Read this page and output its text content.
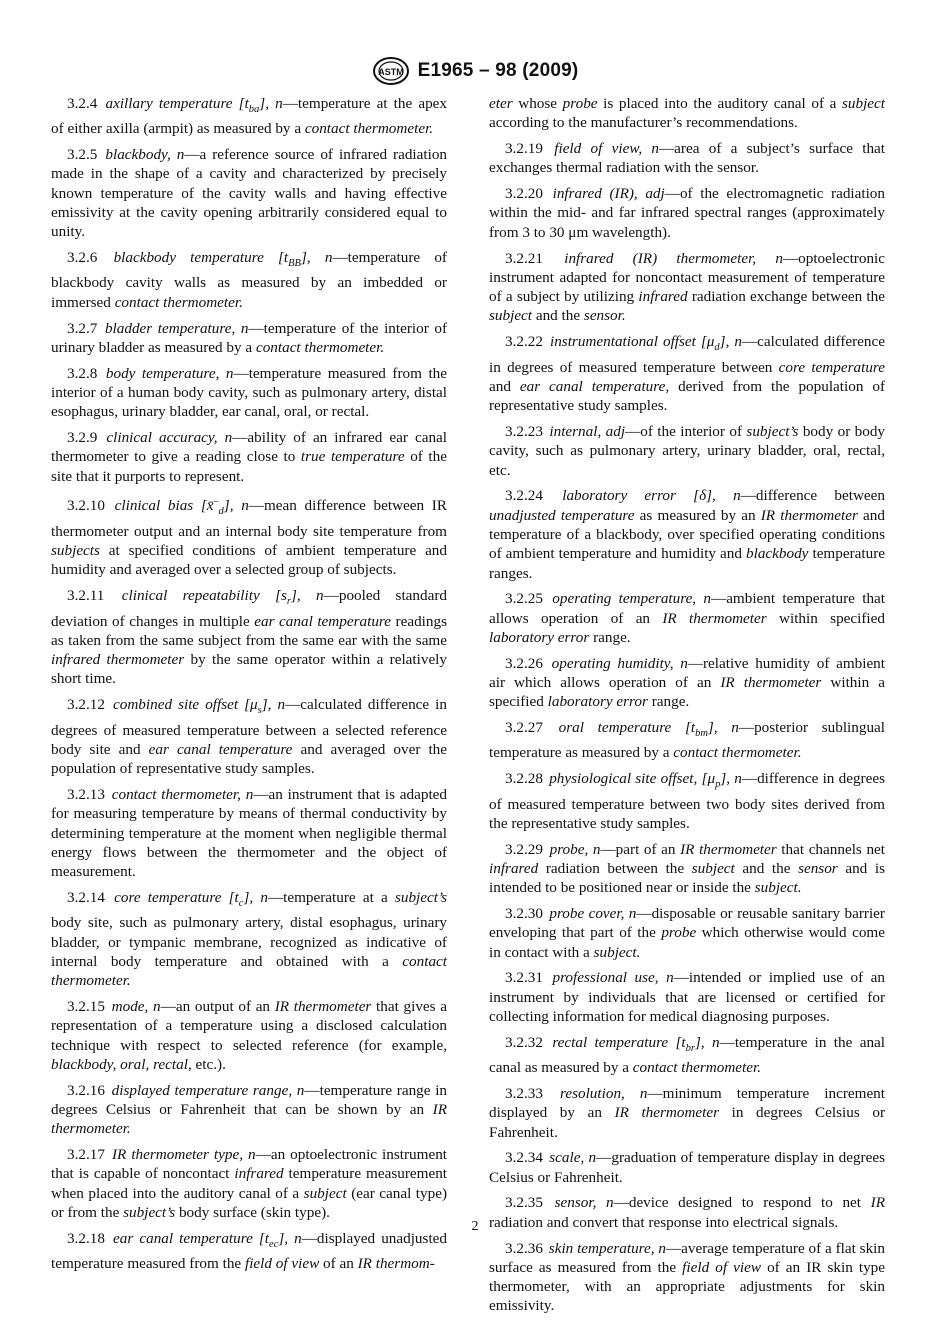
ASTM E1965 – 98 (2009)

3.2.4 axillary temperature $[t_{ba}]$, n—temperature at the apex of either axilla (armpit) as measured by a contact thermometer.

3.2.5 blackbody, n—a reference source of infrared radiation made in the shape of a cavity and characterized by precisely known temperature of the cavity walls and having effective emissivity at the cavity opening arbitrarily considered equal to unity.

3.2.6 blackbody temperature $[t_{BB}]$, n—temperature of blackbody cavity walls as measured by an imbedded or immersed contact thermometer.

3.2.7 bladder temperature, n—temperature of the interior of urinary bladder as measured by a contact thermometer.

3.2.8 body temperature, n—temperature measured from the interior of a human body cavity, such as pulmonary artery, distal esophagus, urinary bladder, ear canal, oral, or rectal.

3.2.9 clinical accuracy, n—ability of an infrared ear canal thermometer to give a reading close to true temperature of the site that it purports to represent.

3.2.10 clinical bias $[x̄^-_d]$, n—mean difference between IR thermometer output and an internal body site temperature from subjects at specified conditions of ambient temperature and humidity and averaged over a selected group of subjects.

3.2.11 clinical repeatability $[s_r]$, n—pooled standard deviation of changes in multiple ear canal temperature readings as taken from the same subject from the same ear with the same infrared thermometer by the same operator within a relatively short time.

3.2.12 combined site offset $[\mu_s]$, n—calculated difference in degrees of measured temperature between a selected reference body site and ear canal temperature and averaged over the population of representative study samples.

3.2.13 contact thermometer, n—an instrument that is adapted for measuring temperature by means of thermal conductivity by determining temperature at the moment when negligible thermal energy flows between the thermometer and the object of measurement.

3.2.14 core temperature $[t_c]$, n—temperature at a subject’s body site, such as pulmonary artery, distal esophagus, urinary bladder, or tympanic membrane, recognized as indicative of internal body temperature and obtained with a contact thermometer.

3.2.15 mode, n—an output of an IR thermometer that gives a representation of a temperature using a disclosed calculation technique with respect to selected reference (for example, blackbody, oral, rectal, etc.).

3.2.16 displayed temperature range, n—temperature range in degrees Celsius or Fahrenheit that can be shown by an IR thermometer.

3.2.17 IR thermometer type, n—an optoelectronic instrument that is capable of noncontact infrared temperature measurement when placed into the auditory canal of a subject (ear canal type) or from the subject’s body surface (skin type).

3.2.18 ear canal temperature $[t_{ec}]$, n—displayed unadjusted temperature measured from the field of view of an IR thermom-

eter whose probe is placed into the auditory canal of a subject according to the manufacturer’s recommendations.

3.2.19 field of view, n—area of a subject’s surface that exchanges thermal radiation with the sensor.

3.2.20 infrared (IR), adj—of the electromagnetic radiation within the mid- and far infrared spectral ranges (approximately from 3 to 30 μm wavelength).

3.2.21 infrared (IR) thermometer, n—optoelectronic instrument adapted for noncontact measurement of temperature of a subject by utilizing infrared radiation exchange between the subject and the sensor.

3.2.22 instrumentational offset $[\mu_d]$, n—calculated difference in degrees of measured temperature between core temperature and ear canal temperature, derived from the population of representative study samples.

3.2.23 internal, adj—of the interior of subject’s body or body cavity, such as pulmonary artery, urinary bladder, oral, rectal, etc.

3.2.24 laboratory error [δ], n—difference between unadjusted temperature as measured by an IR thermometer and temperature of a blackbody, over specified operating conditions of ambient temperature and humidity and blackbody temperature ranges.

3.2.25 operating temperature, n—ambient temperature that allows operation of an IR thermometer within specified laboratory error range.

3.2.26 operating humidity, n—relative humidity of ambient air which allows operation of an IR thermometer within a specified laboratory error range.

3.2.27 oral temperature $[t_{bm}]$, n—posterior sublingual temperature as measured by a contact thermometer.

3.2.28 physiological site offset, $[\mu_p]$, n—difference in degrees of measured temperature between two body sites derived from the representative study samples.

3.2.29 probe, n—part of an IR thermometer that channels net infrared radiation between the subject and the sensor and is intended to be positioned near or inside the subject.

3.2.30 probe cover, n—disposable or reusable sanitary barrier enveloping that part of the probe which otherwise would come in contact with a subject.

3.2.31 professional use, n—intended or implied use of an instrument by individuals that are licensed or certified for collecting information for medical diagnosing purposes.

3.2.32 rectal temperature $[t_{br}]$, n—temperature in the anal canal as measured by a contact thermometer.

3.2.33 resolution, n—minimum temperature increment displayed by an IR thermometer in degrees Celsius or Fahrenheit.

3.2.34 scale, n—graduation of temperature display in degrees Celsius or Fahrenheit.

3.2.35 sensor, n—device designed to respond to net IR radiation and convert that response into electrical signals.

3.2.36 skin temperature, n—average temperature of a flat skin surface as measured from the field of view of an IR skin type thermometer, with an appropriate adjustments for skin emissivity.

2
